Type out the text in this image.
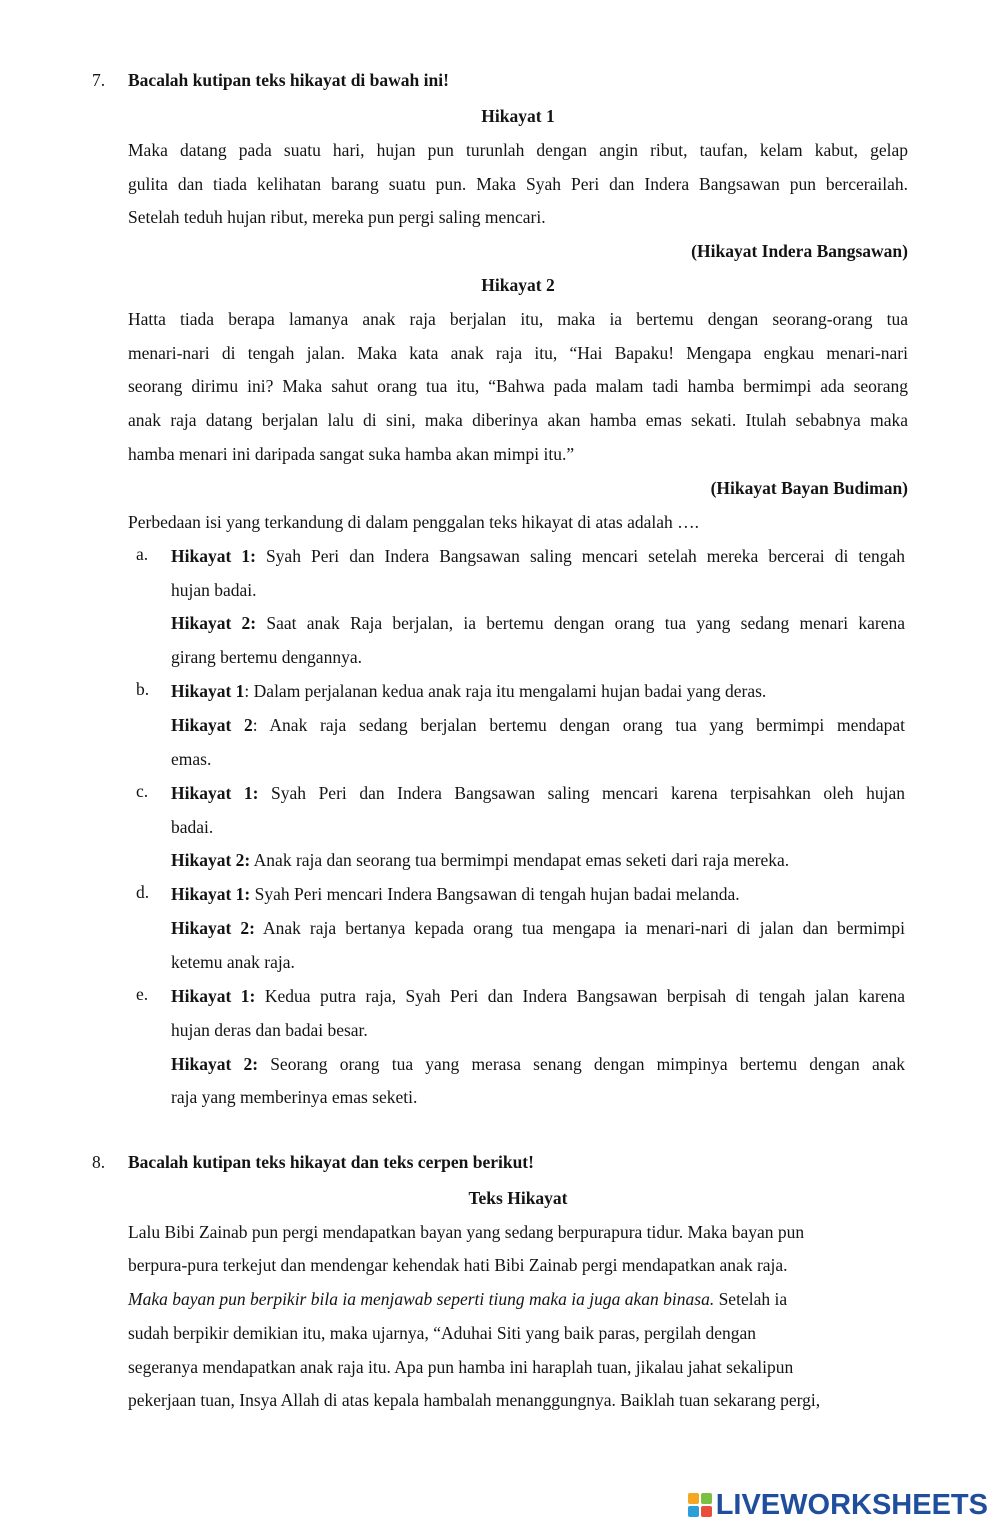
7. Bacalah kutipan teks hikayat di bawah ini!
Hikayat 1
Maka datang pada suatu hari, hujan pun turunlah dengan angin ribut, taufan, kelam kabut, gelap
gulita dan tiada kelihatan barang suatu pun. Maka Syah Peri dan Indera Bangsawan pun bercerailah.
Setelah teduh hujan ribut, mereka pun pergi saling mencari.
(Hikayat Indera Bangsawan)
Hikayat 2
Hatta tiada berapa lamanya anak raja berjalan itu, maka ia bertemu dengan seorang-orang tua
menari-nari di tengah jalan. Maka kata anak raja itu, “Hai Bapaku! Mengapa engkau menari-nari
seorang dirimu ini? Maka sahut orang tua itu, “Bahwa pada malam tadi hamba bermimpi ada seorang
anak raja datang berjalan lalu di sini, maka diberinya akan hamba emas sekati. Itulah sebabnya maka
hamba menari ini daripada sangat suka hamba akan mimpi itu.”
(Hikayat Bayan Budiman)
Perbedaan isi yang terkandung di dalam penggalan teks hikayat di atas adalah ….
a.	Hikayat 1: Syah Peri dan Indera Bangsawan saling mencari setelah mereka bercerai di tengah
hujan badai.
Hikayat 2: Saat anak Raja berjalan, ia bertemu dengan orang tua yang sedang menari karena
girang bertemu dengannya.
b.	Hikayat 1: Dalam perjalanan kedua anak raja itu mengalami hujan badai yang deras.
Hikayat 2: Anak raja sedang berjalan bertemu dengan orang tua yang bermimpi mendapat
emas.
c.	Hikayat 1: Syah Peri dan Indera Bangsawan saling mencari karena terpisahkan oleh hujan
badai.
Hikayat 2: Anak raja dan seorang tua bermimpi mendapat emas seketi dari raja mereka.
d.	Hikayat 1: Syah Peri mencari Indera Bangsawan di tengah hujan badai melanda.
Hikayat 2: Anak raja bertanya kepada orang tua mengapa ia menari-nari di jalan dan bermimpi
ketemu anak raja.
e.	Hikayat 1: Kedua putra raja, Syah Peri dan Indera Bangsawan berpisah di tengah jalan karena
hujan deras dan badai besar.
Hikayat 2: Seorang orang tua yang merasa senang dengan mimpinya bertemu dengan anak
raja yang memberinya emas seketi.
8. Bacalah kutipan teks hikayat dan teks cerpen berikut!
Teks Hikayat
Lalu Bibi Zainab pun pergi mendapatkan bayan yang sedang berpurapura tidur. Maka bayan pun
berpura-pura terkejut dan mendengar kehendak hati Bibi Zainab pergi mendapatkan anak raja.
Maka bayan pun berpikir bila ia menjawab seperti tiung maka ia juga akan binasa. Setelah ia
sudah berpikir demikian itu, maka ujarnya, “Aduhai Siti yang baik paras, pergilah dengan
segeranya mendapatkan anak raja itu. Apa pun hamba ini haraplah tuan, jikalau jahat sekalipun
pekerjaan tuan, Insya Allah di atas kepala hambalah menanggungnya. Baiklah tuan sekarang pergi,
LIVEWORKSHEETS
